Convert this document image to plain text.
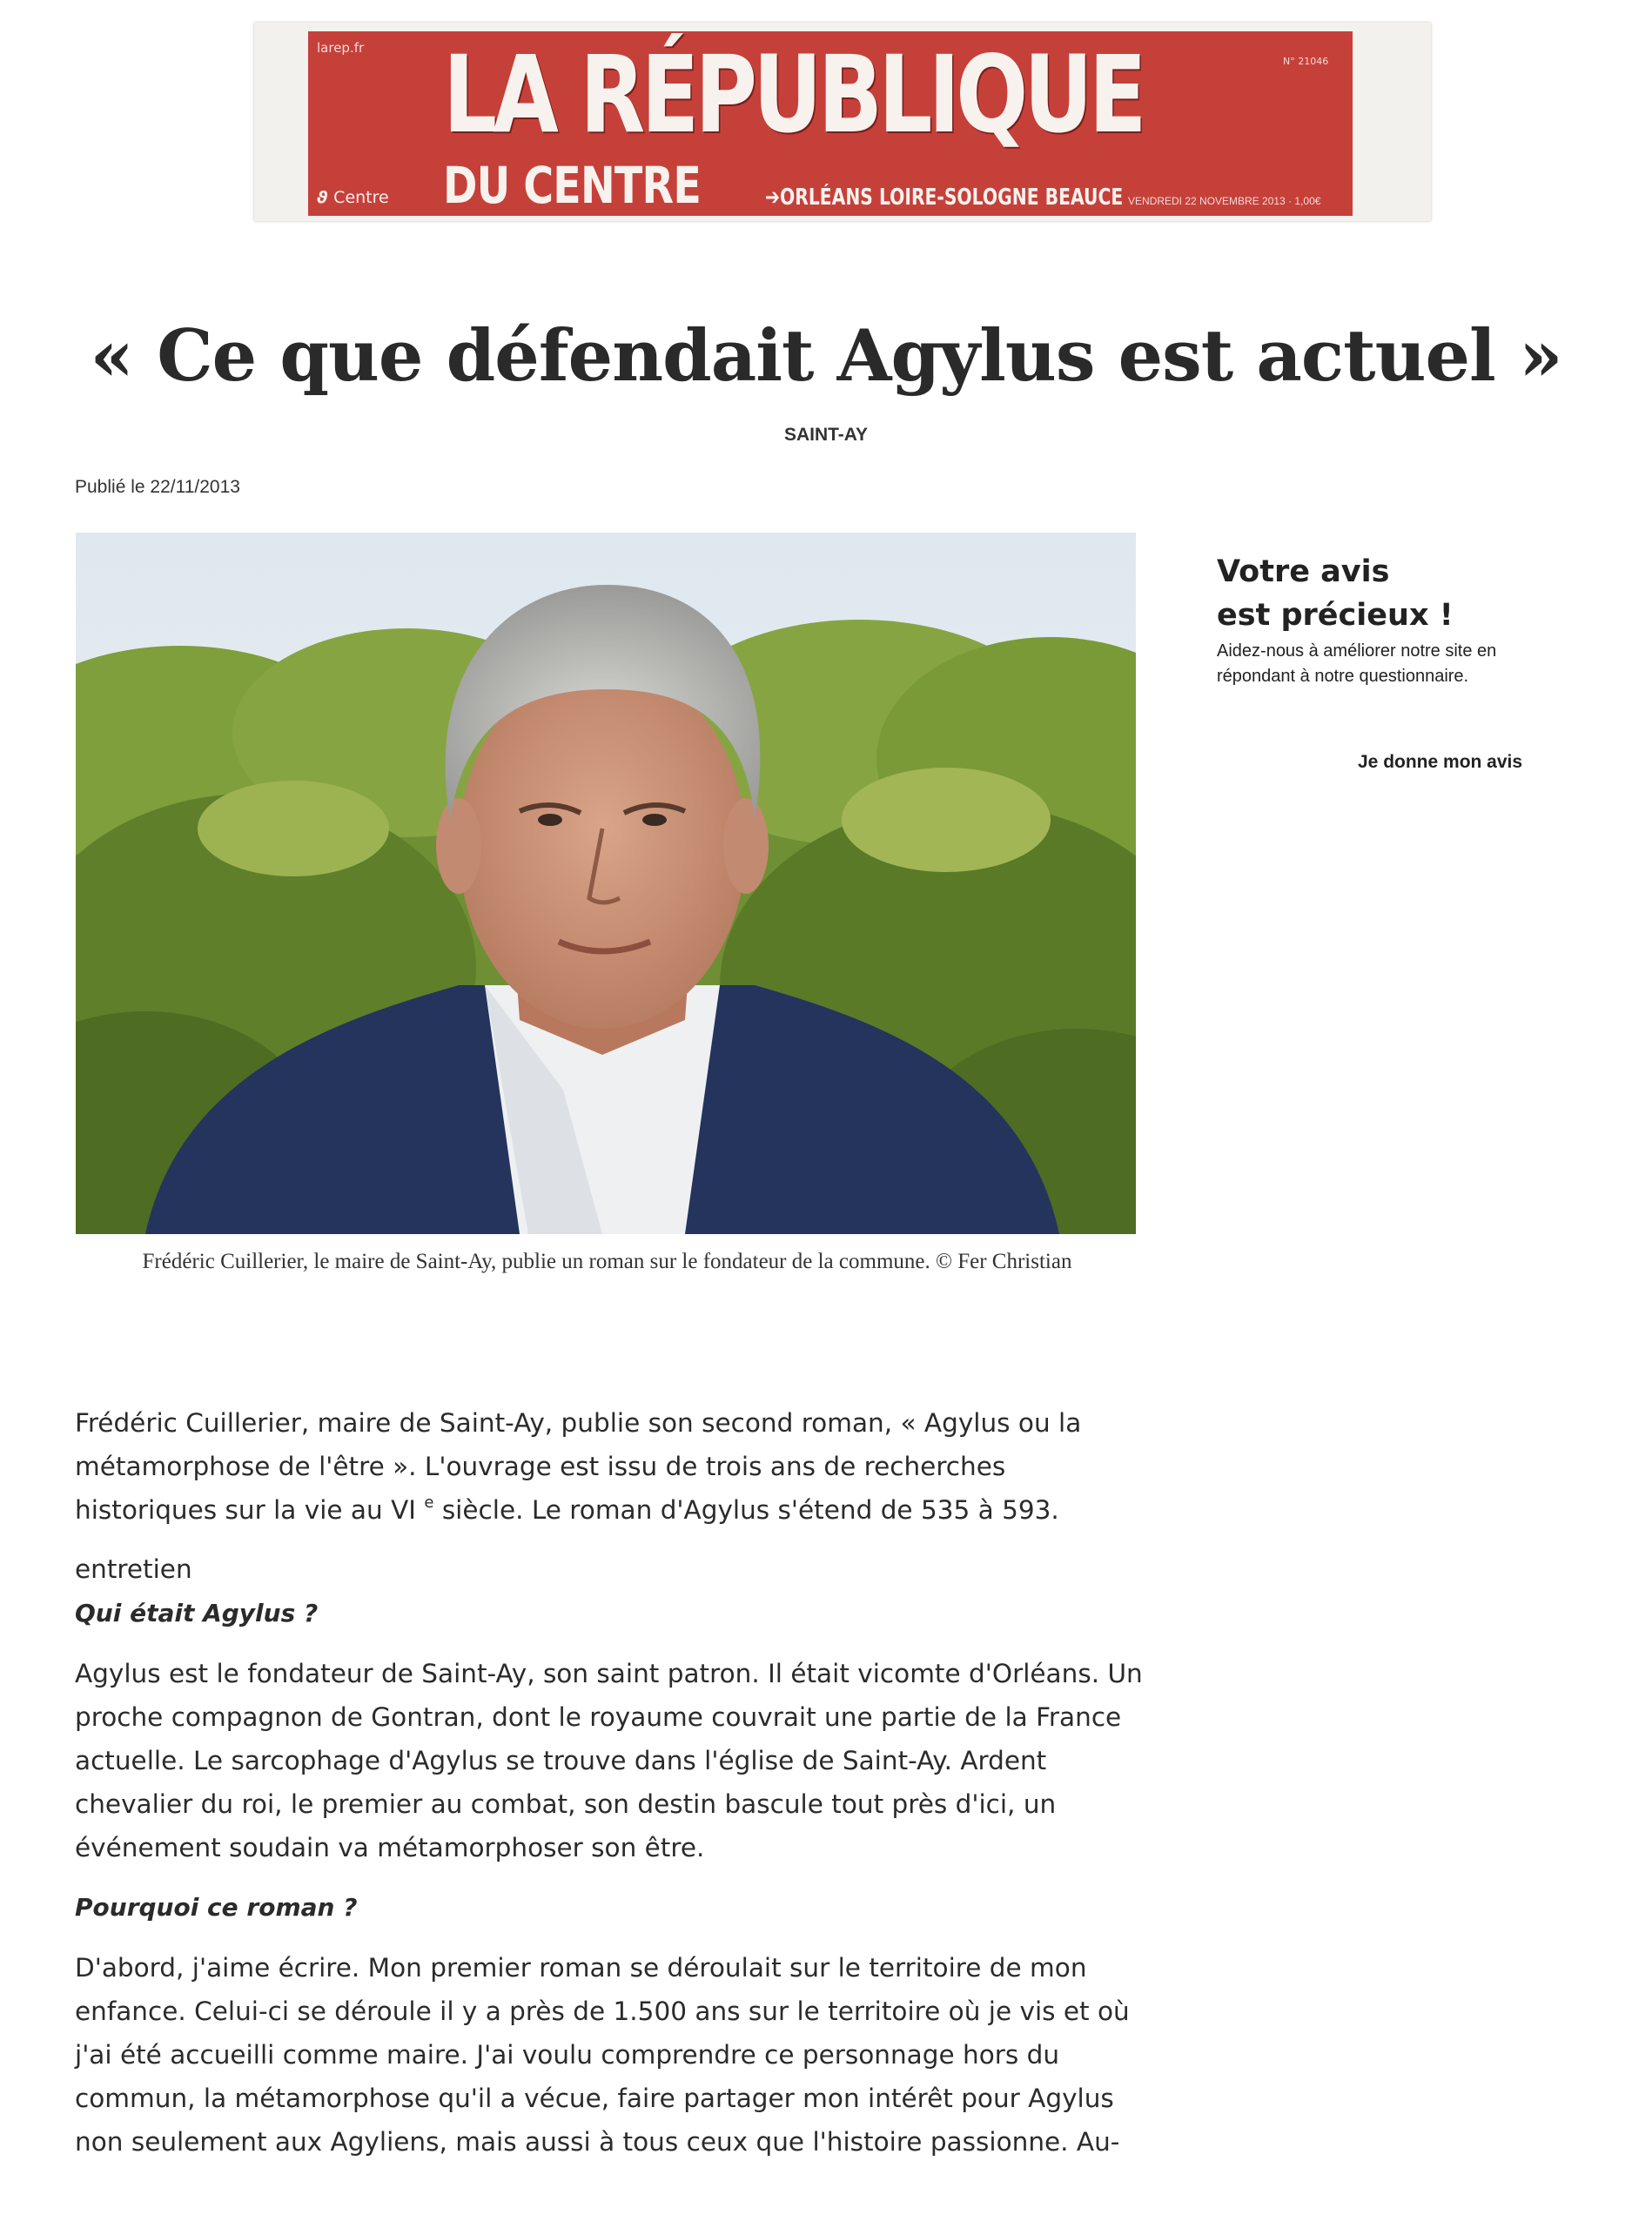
larep.fr
N° 21046
LA RÉPUBLIQUE
DU CENTRE
ϑ Centre	➔ORLÉANS LOIRE-SOLOGNE BEAUCE VENDREDI 22 NOVEMBRE 2013 · 1,00€
« Ce que défendait Agylus est actuel »
SAINT-AY
Publié le 22/11/2013
Frédéric Cuillerier, le maire de Saint-Ay, publie un roman sur le fondateur de la commune. © Fer Christian
Votre avis
est précieux !
Aidez-nous à améliorer notre site en répondant à notre questionnaire.
Je donne mon avis
Frédéric Cuillerier, maire de Saint-Ay, publie son second roman, « Agylus ou la métamorphose de l'être ». L'ouvrage est issu de trois ans de recherches historiques sur la vie au VI $^e$ siècle. Le roman d'Agylus s'étend de 535 à 593.
entretien
Qui était Agylus ?
Agylus est le fondateur de Saint-Ay, son saint patron. Il était vicomte d'Orléans. Un proche compagnon de Gontran, dont le royaume couvrait une partie de la France actuelle. Le sarcophage d'Agylus se trouve dans l'église de Saint-Ay. Ardent chevalier du roi, le premier au combat, son destin bascule tout près d'ici, un événement soudain va métamorphoser son être.
Pourquoi ce roman ?
D'abord, j'aime écrire. Mon premier roman se déroulait sur le territoire de mon enfance. Celui-ci se déroule il y a près de 1.500 ans sur le territoire où je vis et où j'ai été accueilli comme maire. J'ai voulu comprendre ce personnage hors du commun, la métamorphose qu'il a vécue, faire partager mon intérêt pour Agylus non seulement aux Agyliens, mais aussi à tous ceux que l'histoire passionne. Au-
